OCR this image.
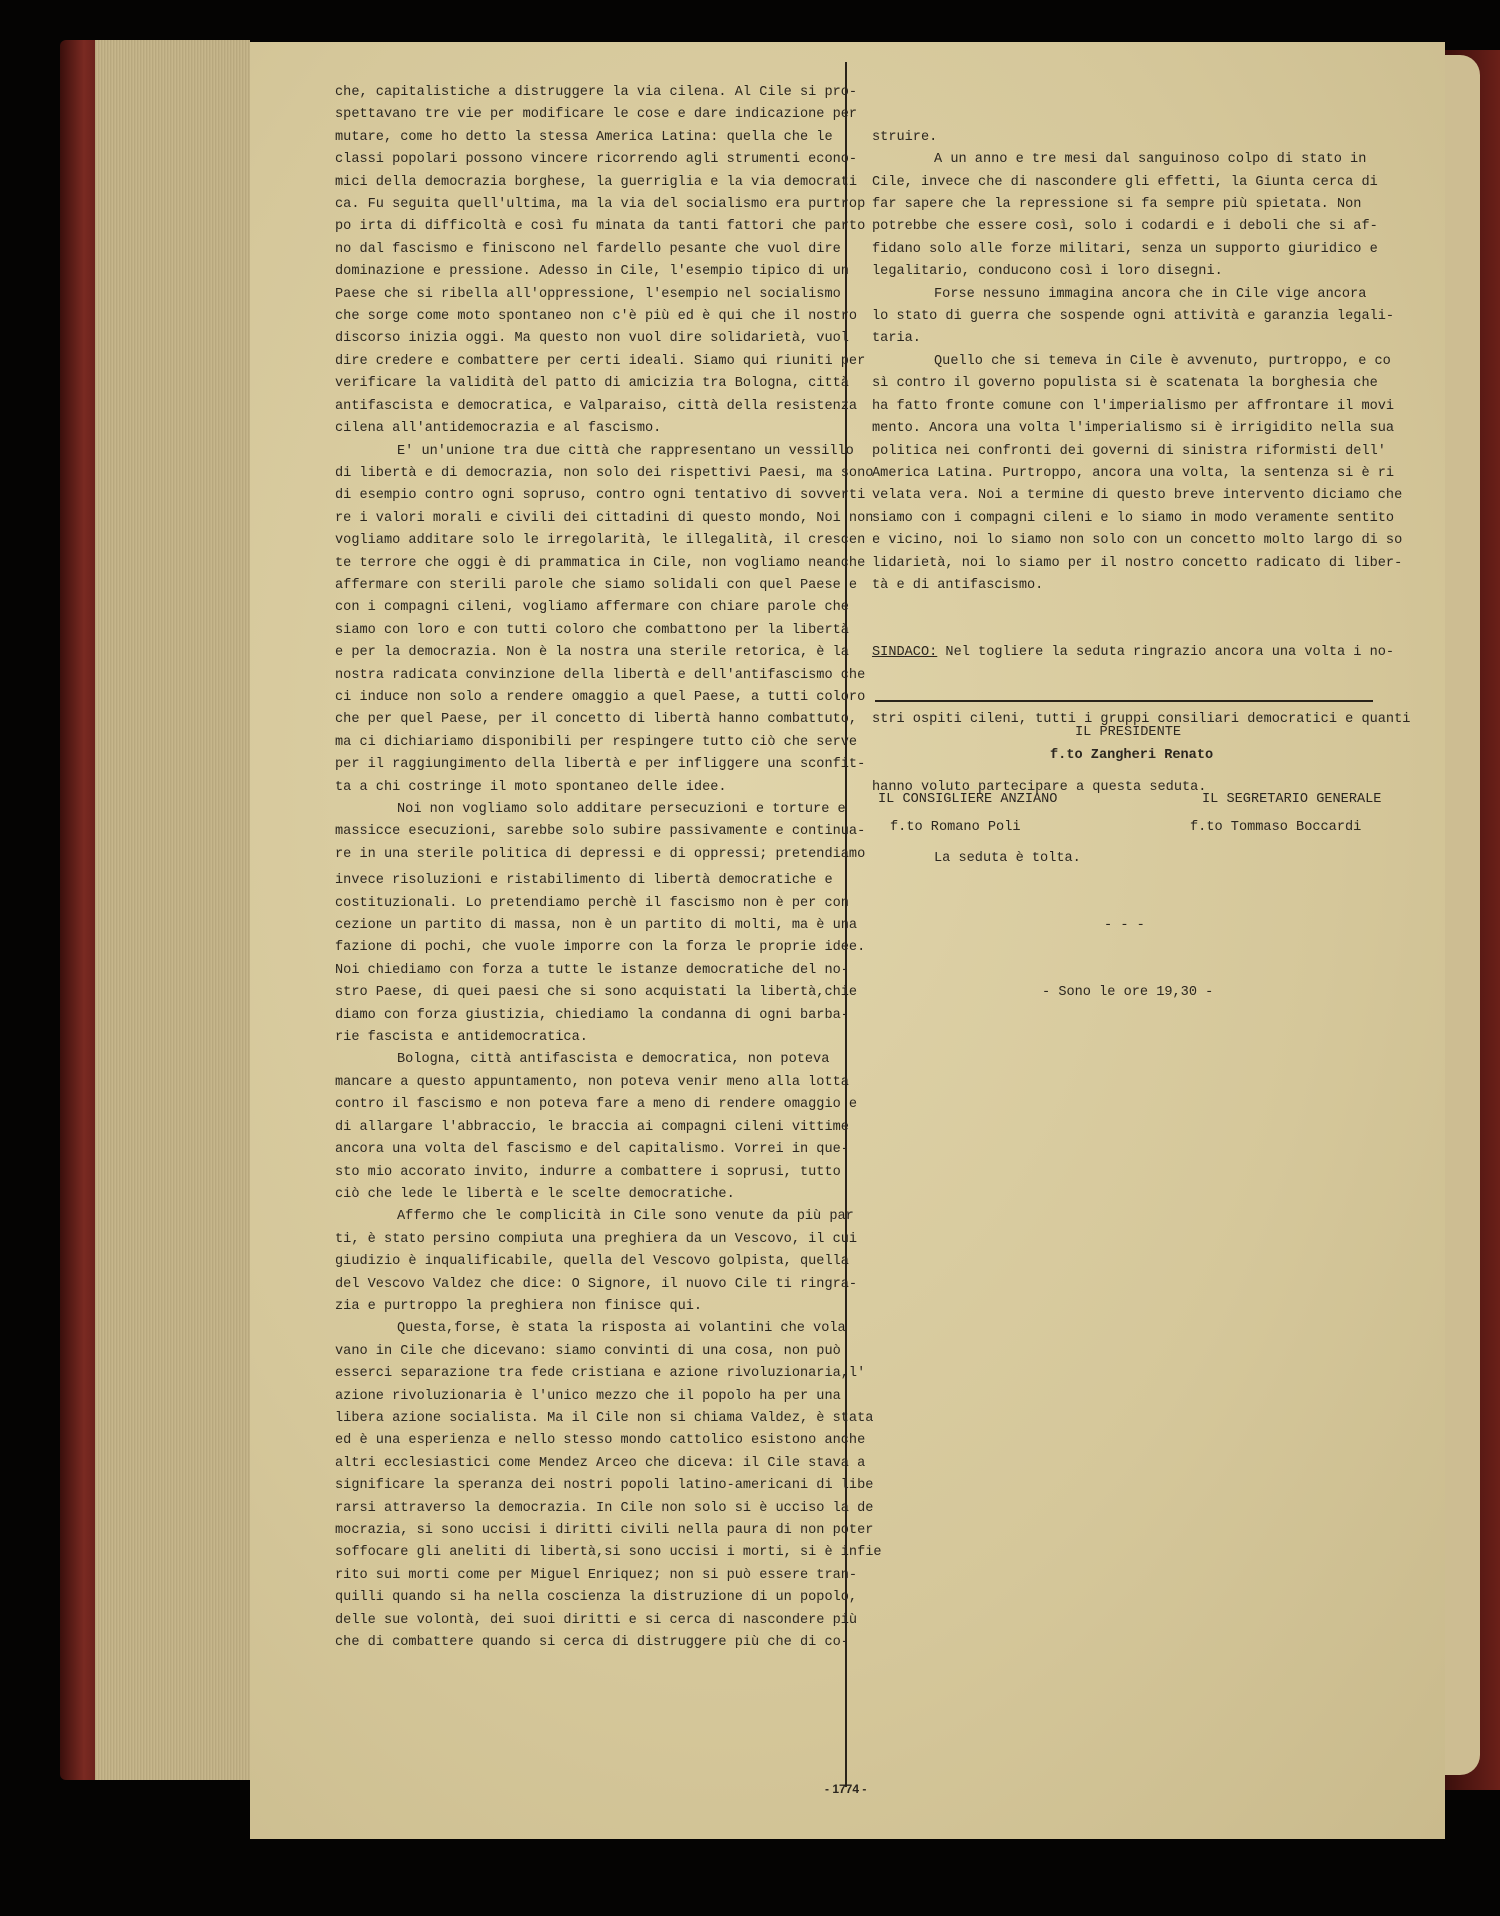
che, capitalistiche a distruggere la via cilena. Al Cile si pro-

spettavano tre vie per modificare le cose e dare indicazione per

mutare, come ho detto la stessa America Latina: quella che le

classi popolari possono vincere ricorrendo agli strumenti econo-

mici della democrazia borghese, la guerriglia e la via democrati

ca. Fu seguita quell'ultima, ma la via del socialismo era purtrop

po irta di difficoltà e così fu minata da tanti fattori che parto

no dal fascismo e finiscono nel fardello pesante che vuol dire

dominazione e pressione. Adesso in Cile, l'esempio tipico di un

Paese che si ribella all'oppressione, l'esempio nel socialismo

che sorge come moto spontaneo non c'è più ed è qui che il nostro

discorso inizia oggi. Ma questo non vuol dire solidarietà, vuol

dire credere e combattere per certi ideali. Siamo qui riuniti per

verificare la validità del patto di amicizia tra Bologna, città

antifascista e democratica, e Valparaiso, città della resistenza

cilena all'antidemocrazia e al fascismo.

E' un'unione tra due città che rappresentano un vessillo

di libertà e di democrazia, non solo dei rispettivi Paesi, ma sono

di esempio contro ogni sopruso, contro ogni tentativo di sovverti

re i valori morali e civili dei cittadini di questo mondo, Noi non

vogliamo additare solo le irregolarità, le illegalità, il crescen

te terrore che oggi è di prammatica in Cile, non vogliamo neanche

affermare con sterili parole che siamo solidali con quel Paese e

con i compagni cileni, vogliamo affermare con chiare parole che

siamo con loro e con tutti coloro che combattono per la libertà

e per la democrazia. Non è la nostra una sterile retorica, è la

nostra radicata convinzione della libertà e dell'antifascismo che

ci induce non solo a rendere omaggio a quel Paese, a tutti coloro

che per quel Paese, per il concetto di libertà hanno combattuto,

ma ci dichiariamo disponibili per respingere tutto ciò che serve

per il raggiungimento della libertà e per infliggere una sconfit-

ta a chi costringe il moto spontaneo delle idee.

Noi non vogliamo solo additare persecuzioni e torture e

massicce esecuzioni, sarebbe solo subire passivamente e continua-

re in una sterile politica di depressi e di oppressi; pretendiamo

invece risoluzioni e ristabilimento di libertà democratiche e

costituzionali. Lo pretendiamo perchè il fascismo non è per con

cezione un partito di massa, non è un partito di molti, ma è una

fazione di pochi, che vuole imporre con la forza le proprie idee.

Noi chiediamo con forza a tutte le istanze democratiche del no-

stro Paese, di quei paesi che si sono acquistati la libertà,chie

diamo con forza giustizia, chiediamo la condanna di ogni barba-

rie fascista e antidemocratica.

Bologna, città antifascista e democratica, non poteva

mancare a questo appuntamento, non poteva venir meno alla lotta

contro il fascismo e non poteva fare a meno di rendere omaggio e

di allargare l'abbraccio, le braccia ai compagni cileni vittime

ancora una volta del fascismo e del capitalismo. Vorrei in que-

sto mio accorato invito, indurre a combattere i soprusi, tutto

ciò che lede le libertà e le scelte democratiche.

Affermo che le complicità in Cile sono venute da più par

ti, è stato persino compiuta una preghiera da un Vescovo, il cui

giudizio è inqualificabile, quella del Vescovo golpista, quella

del Vescovo Valdez che dice: O Signore, il nuovo Cile ti ringra-

zia e purtroppo la preghiera non finisce qui.

Questa,forse, è stata la risposta ai volantini che vola

vano in Cile che dicevano: siamo convinti di una cosa, non può

esserci separazione tra fede cristiana e azione rivoluzionaria,l'

azione rivoluzionaria è l'unico mezzo che il popolo ha per una

libera azione socialista. Ma il Cile non si chiama Valdez, è stata

ed è una esperienza e nello stesso mondo cattolico esistono anche

altri ecclesiastici come Mendez Arceo che diceva: il Cile stava a

significare la speranza dei nostri popoli latino-americani di libe

rarsi attraverso la democrazia. In Cile non solo si è ucciso la de

mocrazia, si sono uccisi i diritti civili nella paura di non poter

soffocare gli aneliti di libertà,si sono uccisi i morti, si è infie

rito sui morti come per Miguel Enriquez; non si può essere tran-

quilli quando si ha nella coscienza la distruzione di un popolo,

delle sue volontà, dei suoi diritti e si cerca di nascondere più

che di combattere quando si cerca di distruggere più che di co-

struire.

A un anno e tre mesi dal sanguinoso colpo di stato in

Cile, invece che di nascondere gli effetti, la Giunta cerca di

far sapere che la repressione si fa sempre più spietata. Non

potrebbe che essere così, solo i codardi e i deboli che si af-

fidano solo alle forze militari, senza un supporto giuridico e

legalitario, conducono così i loro disegni.

Forse nessuno immagina ancora che in Cile vige ancora

lo stato di guerra che sospende ogni attività e garanzia legali-

taria.

Quello che si temeva in Cile è avvenuto, purtroppo, e co

sì contro il governo populista si è scatenata la borghesia che

ha fatto fronte comune con l'imperialismo per affrontare il movi

mento. Ancora una volta l'imperialismo si è irrigidito nella sua

politica nei confronti dei governi di sinistra riformisti dell'

America Latina. Purtroppo, ancora una volta, la sentenza si è ri

velata vera. Noi a termine di questo breve intervento diciamo che

siamo con i compagni cileni e lo siamo in modo veramente sentito

e vicino, noi lo siamo non solo con un concetto molto largo di so

lidarietà, noi lo siamo per il nostro concetto radicato di liber-

tà e di antifascismo.

SINDACO: Nel togliere la seduta ringrazio ancora una volta i no-

stri ospiti cileni, tutti i gruppi consiliari democratici e quanti

hanno voluto partecipare a questa seduta.

La seduta è tolta.

- - -

- Sono le ore 19,30 -

IL PRESIDENTE
f.to Zangheri Renato
IL CONSIGLIERE ANZIANO
f.to Romano Poli
IL SEGRETARIO GENERALE
f.to Tommaso Boccardi
- 1774 -
